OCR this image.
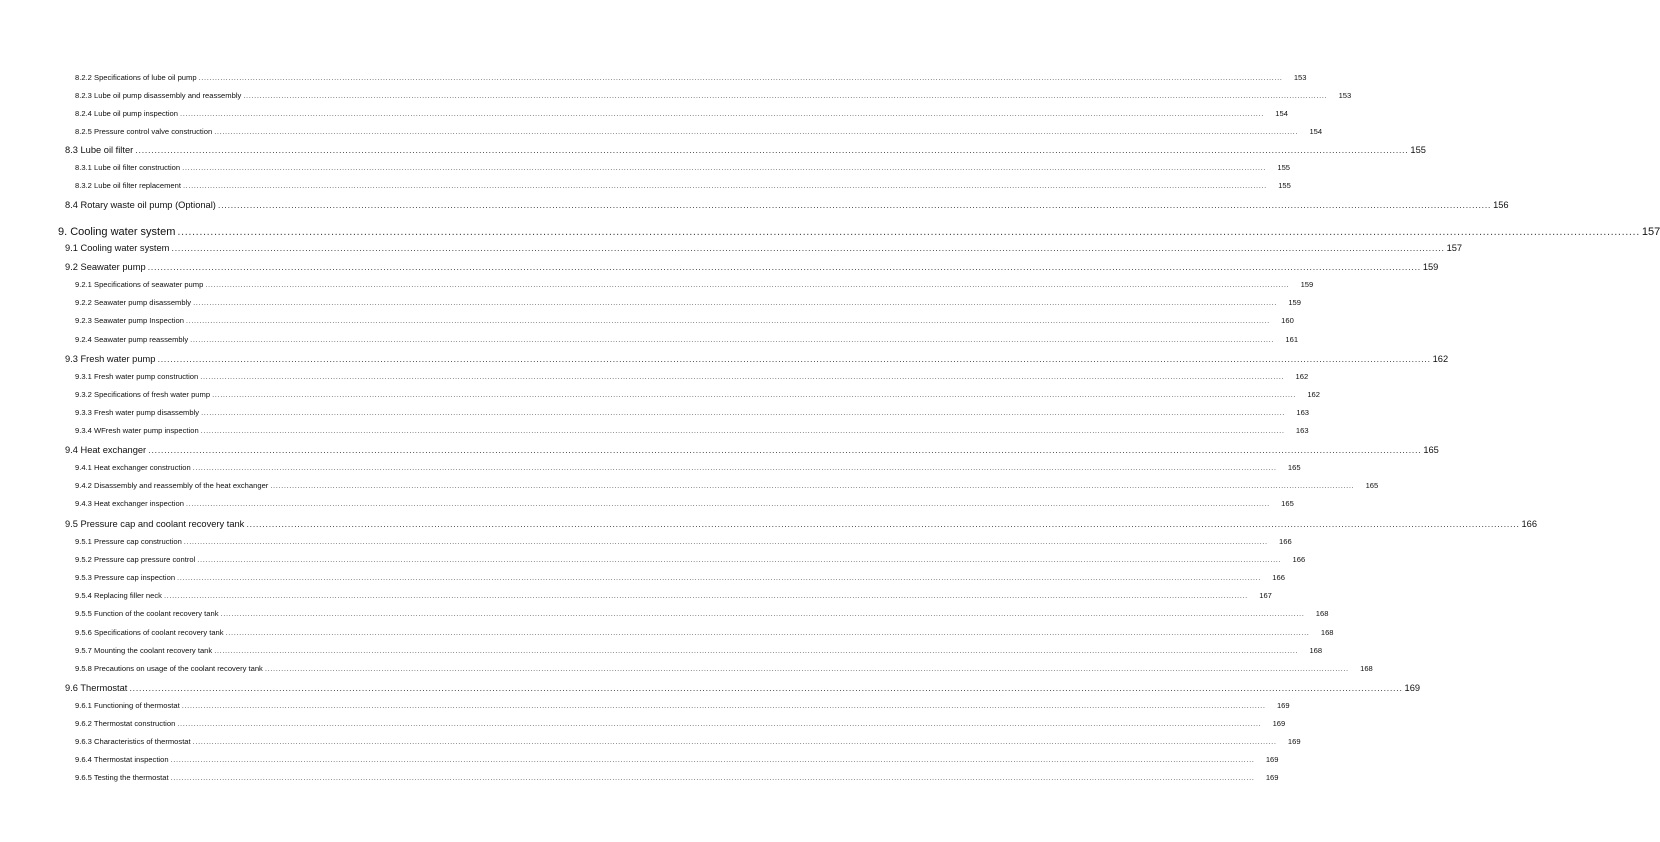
8.2.2 Specifications of lube oil pump ................................................................................................................................................................................................................................................................................................................................................................................................................	153
8.2.3 Lube oil pump disassembly and reassembly ................................................................................................................................................................................................................................................................................................................................................................................................................	153
8.2.4 Lube oil pump inspection ................................................................................................................................................................................................................................................................................................................................................................................................................	154
8.2.5 Pressure control valve construction ................................................................................................................................................................................................................................................................................................................................................................................................................	154
8.3 Lube oil filter ................................................................................................................................................................................................................................................................................................................................................................................................................ 155
8.3.1 Lube oil filter construction ................................................................................................................................................................................................................................................................................................................................................................................................................	155
8.3.2 Lube oil filter replacement ................................................................................................................................................................................................................................................................................................................................................................................................................	155
8.4 Rotary waste oil pump (Optional) ................................................................................................................................................................................................................................................................................................................................................................................................................ 156
9. Cooling water system ................................................................................................................................................................................................................................................................................................................................................................................................................ 157
9.1 Cooling water system ................................................................................................................................................................................................................................................................................................................................................................................................................ 157
9.2 Seawater pump ................................................................................................................................................................................................................................................................................................................................................................................................................ 159
9.2.1 Specifications of seawater pump ................................................................................................................................................................................................................................................................................................................................................................................................................	159
9.2.2 Seawater pump disassembly ................................................................................................................................................................................................................................................................................................................................................................................................................	159
9.2.3 Seawater pump Inspection ................................................................................................................................................................................................................................................................................................................................................................................................................	160
9.2.4 Seawater pump reassembly ................................................................................................................................................................................................................................................................................................................................................................................................................	161
9.3 Fresh water pump ................................................................................................................................................................................................................................................................................................................................................................................................................ 162
9.3.1 Fresh water pump construction ................................................................................................................................................................................................................................................................................................................................................................................................................	162
9.3.2 Specifications of fresh water pump ................................................................................................................................................................................................................................................................................................................................................................................................................	162
9.3.3 Fresh water pump disassembly ................................................................................................................................................................................................................................................................................................................................................................................................................	163
9.3.4 WFresh water pump inspection ................................................................................................................................................................................................................................................................................................................................................................................................................	163
9.4 Heat exchanger ................................................................................................................................................................................................................................................................................................................................................................................................................ 165
9.4.1 Heat exchanger construction ................................................................................................................................................................................................................................................................................................................................................................................................................	165
9.4.2 Disassembly and reassembly of the heat exchanger ................................................................................................................................................................................................................................................................................................................................................................................................................	165
9.4.3 Heat exchanger inspection ................................................................................................................................................................................................................................................................................................................................................................................................................	165
9.5 Pressure cap and coolant recovery tank ................................................................................................................................................................................................................................................................................................................................................................................................................ 166
9.5.1 Pressure cap construction ................................................................................................................................................................................................................................................................................................................................................................................................................	166
9.5.2 Pressure cap pressure control ................................................................................................................................................................................................................................................................................................................................................................................................................	166
9.5.3 Pressure cap inspection ................................................................................................................................................................................................................................................................................................................................................................................................................	166
9.5.4 Replacing filler neck ................................................................................................................................................................................................................................................................................................................................................................................................................	167
9.5.5 Function of the coolant recovery tank ................................................................................................................................................................................................................................................................................................................................................................................................................	168
9.5.6 Specifications of coolant recovery tank ................................................................................................................................................................................................................................................................................................................................................................................................................	168
9.5.7 Mounting the coolant recovery tank ................................................................................................................................................................................................................................................................................................................................................................................................................	168
9.5.8 Precautions on usage of the coolant recovery tank ................................................................................................................................................................................................................................................................................................................................................................................................................	168
9.6 Thermostat ................................................................................................................................................................................................................................................................................................................................................................................................................ 169
9.6.1 Functioning of thermostat ................................................................................................................................................................................................................................................................................................................................................................................................................	169
9.6.2 Thermostat construction ................................................................................................................................................................................................................................................................................................................................................................................................................	169
9.6.3 Characteristics of thermostat ................................................................................................................................................................................................................................................................................................................................................................................................................	169
9.6.4 Thermostat inspection ................................................................................................................................................................................................................................................................................................................................................................................................................	169
9.6.5 Testing the thermostat ................................................................................................................................................................................................................................................................................................................................................................................................................	169
